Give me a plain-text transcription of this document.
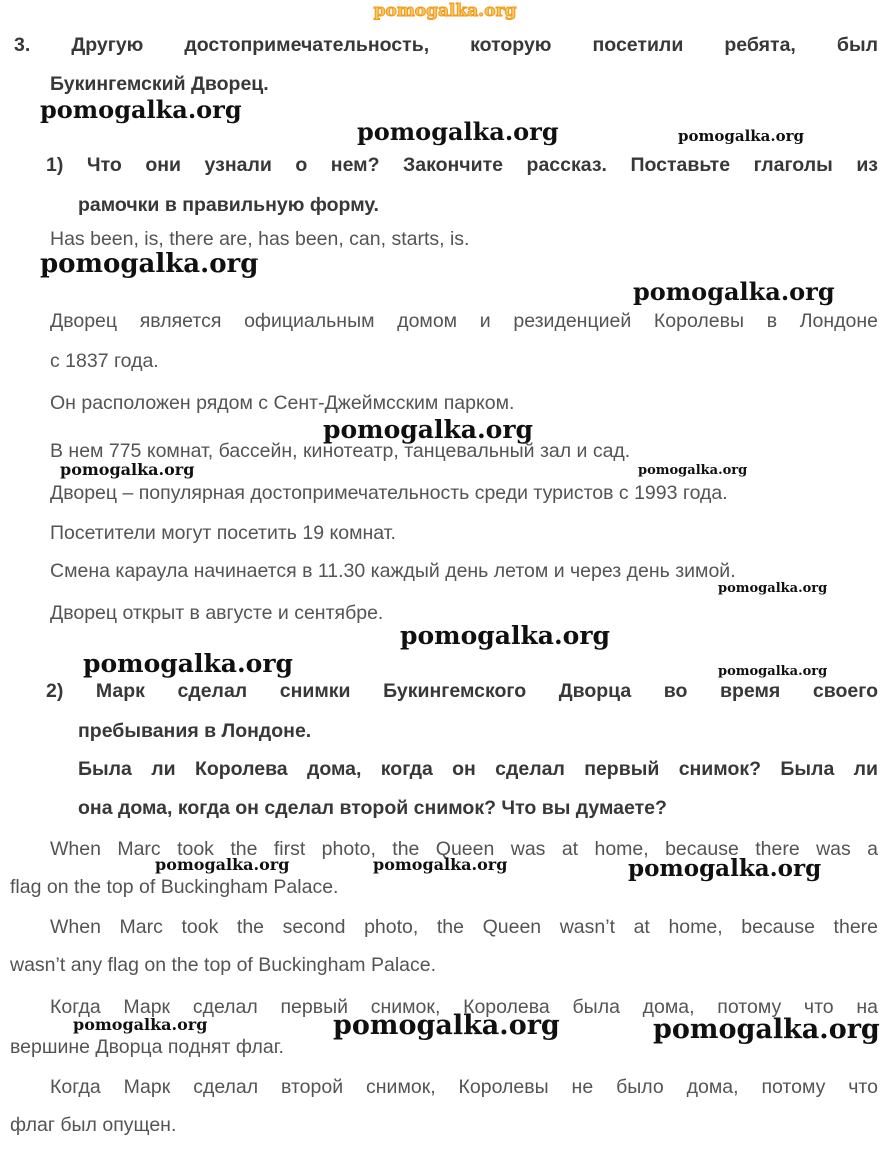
pomogalka.org
3. Другую достопримечательность, которую посетили ребята, был
Букингемский Дворец.
pomogalka.org
pomogalka.org	pomogalka.org
1) Что они узнали о нем? Закончите рассказ. Поставьте глаголы из
рамочки в правильную форму.
Has been, is, there are, has been, can, starts, is.
pomogalka.org
pomogalka.org
Дворец является официальным домом и резиденцией Королевы в Лондоне
с 1837 года.
Он расположен рядом с Сент-Джеймсским парком.
pomogalka.org
В нем 775 комнат, бассейн, кинотеатр, танцевальный зал и сад.
pomogalka.org	pomogalka.org
Дворец – популярная достопримечательность среди туристов с 1993 года.
Посетители могут посетить 19 комнат.
Смена караула начинается в 11.30 каждый день летом и через день зимой.
pomogalka.org
Дворец открыт в августе и сентябре.
pomogalka.org
pomogalka.org	pomogalka.org
2) Марк сделал снимки Букингемского Дворца во время своего
пребывания в Лондоне.
Была ли Королева дома, когда он сделал первый снимок? Была ли
она дома, когда он сделал второй снимок? Что вы думаете?
When Marc took the first photo, the Queen was at home, because there was a
pomogalka.org	pomogalka.org	pomogalka.org
flag on the top of Buckingham Palace.
When Marc took the second photo, the Queen wasn’t at home, because there
wasn’t any flag on the top of Buckingham Palace.
Когда Марк сделал первый снимок, Королева была дома, потому что на
pomogalka.org	pomogalka.org	pomogalka.org
вершине Дворца поднят флаг.
Когда Марк сделал второй снимок, Королевы не было дома, потому что
флаг был опущен.
